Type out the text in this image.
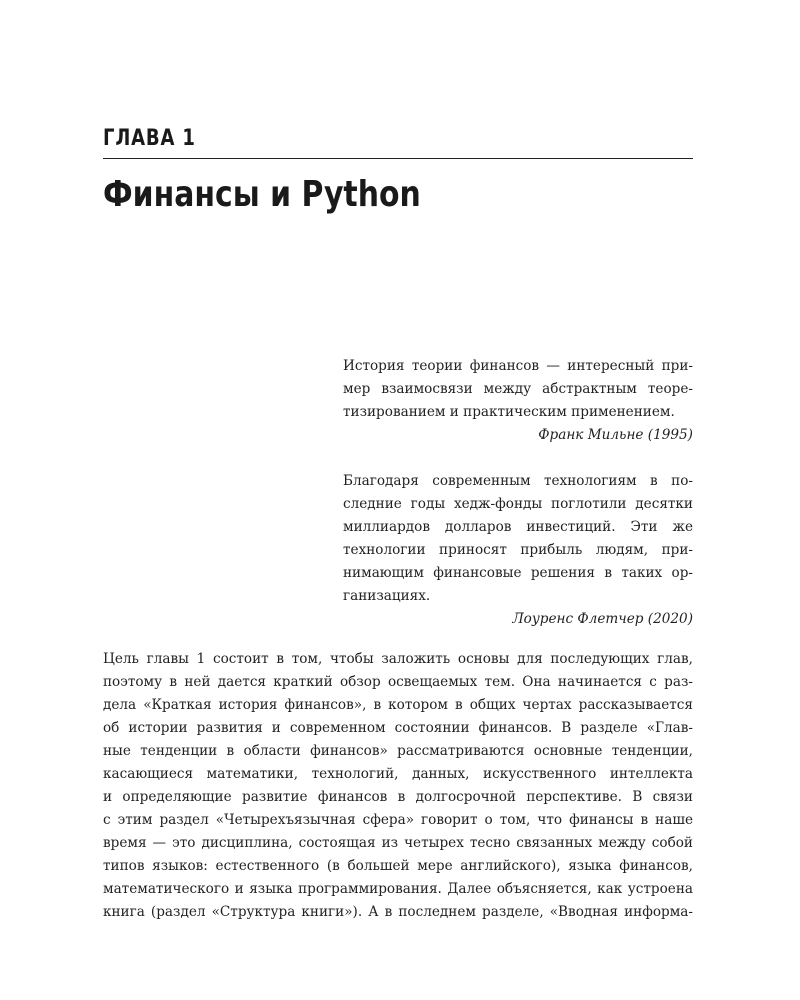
ГЛАВА 1
Финансы и Python
История теории финансов — интересный при-
мер взаимосвязи между абстрактным теоре-
тизированием и практическим применением.
Франк Мильне (1995)
Благодаря современным технологиям в по-
следние годы хедж-фонды поглотили десятки
миллиардов долларов инвестиций. Эти же
технологии приносят прибыль людям, при-
нимающим финансовые решения в таких ор-
ганизациях.
Лоуренс Флетчер (2020)
Цель главы 1 состоит в том, чтобы заложить основы для последующих глав,
поэтому в ней дается краткий обзор освещаемых тем. Она начинается с раз-
дела «Краткая история финансов», в котором в общих чертах рассказывается
об истории развития и современном состоянии финансов. В разделе «Глав-
ные тенденции в области финансов» рассматриваются основные тенденции,
касающиеся математики, технологий, данных, искусственного интеллекта
и определяющие развитие финансов в долгосрочной перспективе. В связи
с этим раздел «Четырехъязычная сфера» говорит о том, что финансы в наше
время — это дисциплина, состоящая из четырех тесно связанных между собой
типов языков: естественного (в большей мере английского), языка финансов,
математического и языка программирования. Далее объясняется, как устроена
книга (раздел «Структура книги»). А в последнем разделе, «Вводная информа-
